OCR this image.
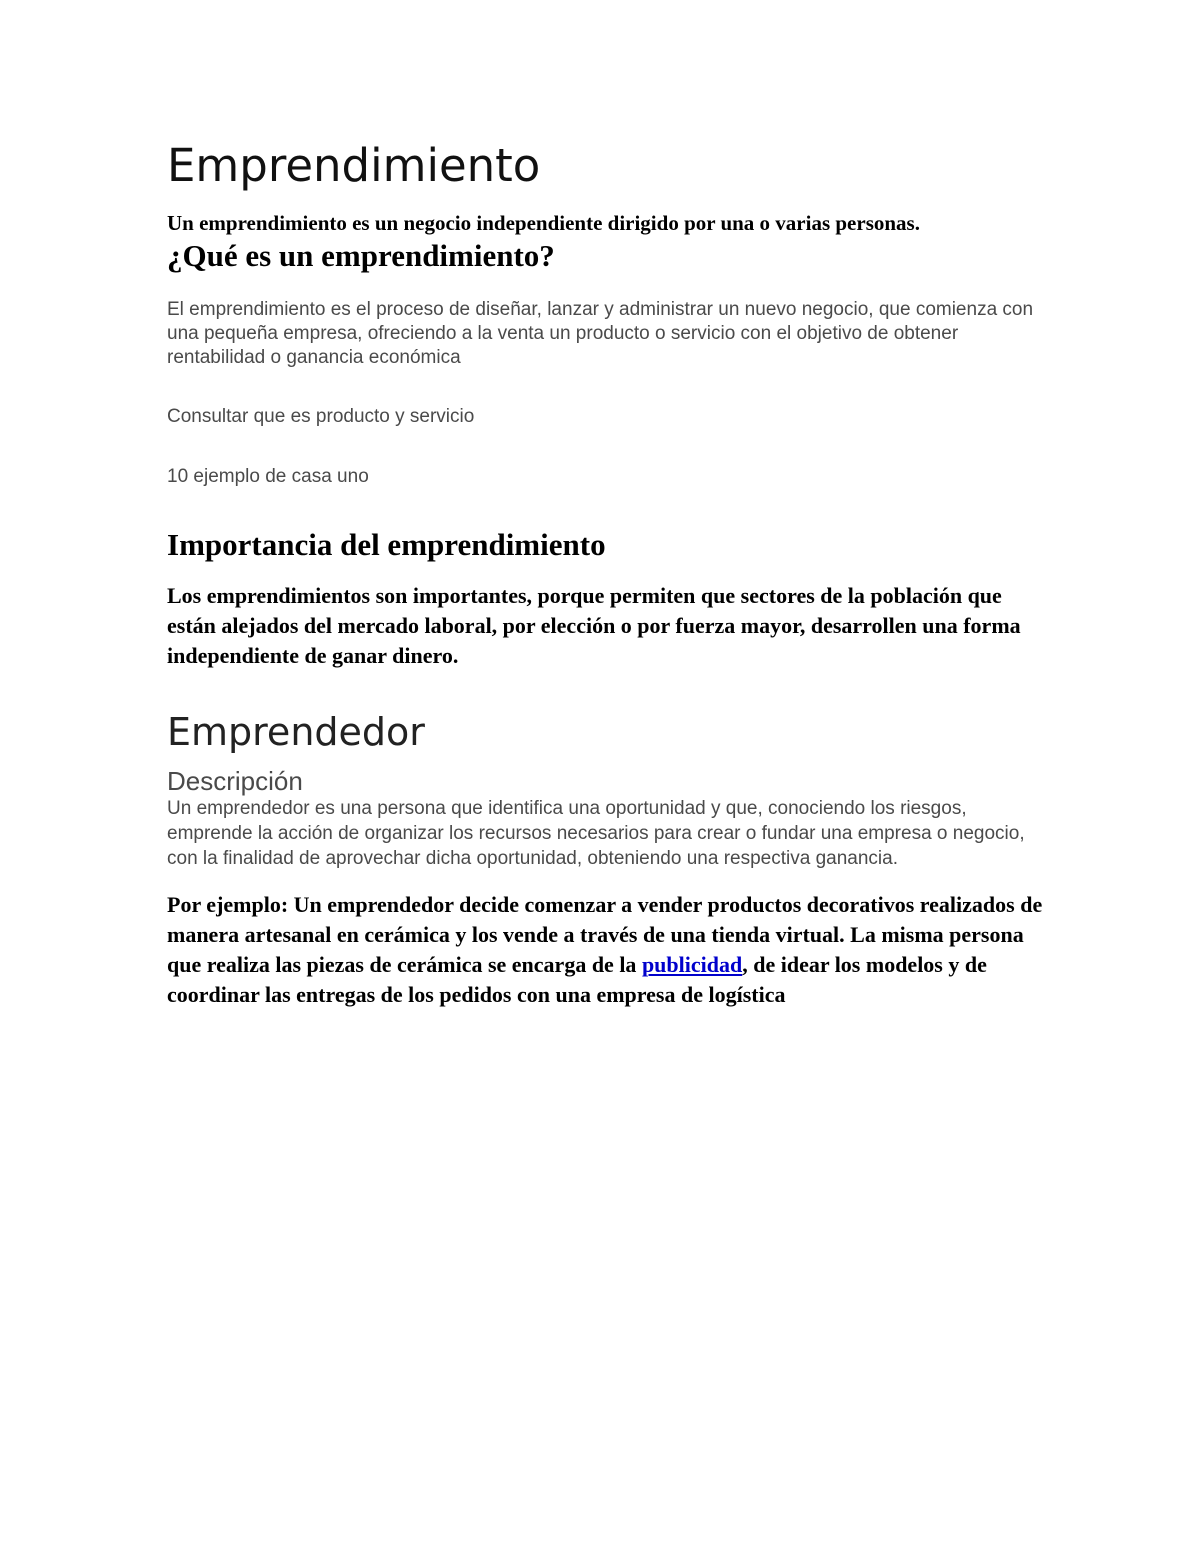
Emprendimiento

Un emprendimiento es un negocio independiente dirigido por una o varias personas.

¿Qué es un emprendimiento?

El emprendimiento es el proceso de diseñar, lanzar y administrar un nuevo negocio, que comienza con una pequeña empresa, ofreciendo a la venta un producto o servicio con el objetivo de obtener rentabilidad o ganancia económica

Consultar que es producto y servicio

10 ejemplo de casa uno

Importancia del emprendimiento

Los emprendimientos son importantes, porque permiten que sectores de la población que están alejados del mercado laboral, por elección o por fuerza mayor, desarrollen una forma independiente de ganar dinero.

Emprendedor
Descripción

Un emprendedor es una persona que identifica una oportunidad y que, conociendo los riesgos, emprende la acción de organizar los recursos necesarios para crear o fundar una empresa o negocio, con la finalidad de aprovechar dicha oportunidad, obteniendo una respectiva ganancia.

Por ejemplo: Un emprendedor decide comenzar a vender productos decorativos realizados de manera artesanal en cerámica y los vende a través de una tienda virtual. La misma persona que realiza las piezas de cerámica se encarga de la publicidad, de idear los modelos y de coordinar las entregas de los pedidos con una empresa de logística
